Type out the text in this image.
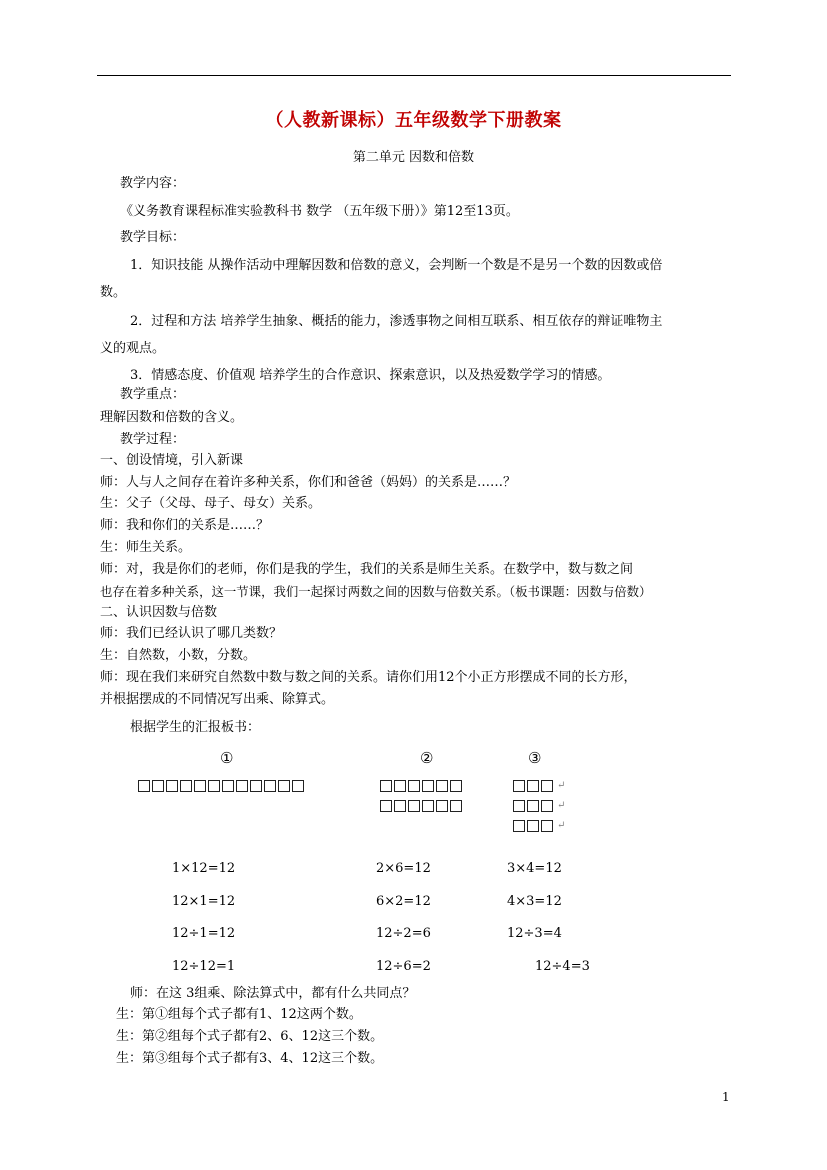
（人教新课标）五年级数学下册教案
第二单元 因数和倍数
教学内容：
《义务教育课程标准实验教科书 数学 （五年级下册）》第12至13页。
教学目标：
1．知识技能 从操作活动中理解因数和倍数的意义，会判断一个数是不是另一个数的因数或倍
数。
2．过程和方法 培养学生抽象、概括的能力，渗透事物之间相互联系、相互依存的辩证唯物主
义的观点。
3．情感态度、价值观 培养学生的合作意识、探索意识，以及热爱数学学习的情感。
教学重点：
理解因数和倍数的含义。
教学过程：
一、创设情境，引入新课
师：人与人之间存在着许多种关系，你们和爸爸（妈妈）的关系是……？
生：父子（父母、母子、母女）关系。
师：我和你们的关系是……？
生：师生关系。
师：对，我是你们的老师，你们是我的学生，我们的关系是师生关系。在数学中，数与数之间
也存在着多种关系，这一节课，我们一起探讨两数之间的因数与倍数关系。（板书课题：因数与倍数）
二、认识因数与倍数
师：我们已经认识了哪几类数？
生：自然数，小数，分数。
师：现在我们来研究自然数中数与数之间的关系。请你们用12个小正方形摆成不同的长方形，
并根据摆成的不同情况写出乘、除算式。
根据学生的汇报板书：
①	②	③
↵
↵
↵
1×12=12
12×1=12
12÷1=12
12÷12=1
2×6=12
6×2=12
12÷2=6
12÷6=2
3×4=12
4×3=12
12÷3=4
12÷4=3
师：在这 3组乘、除法算式中，都有什么共同点？
生：第①组每个式子都有1、12这两个数。
生：第②组每个式子都有2、6、12这三个数。
生：第③组每个式子都有3、4、12这三个数。
1
